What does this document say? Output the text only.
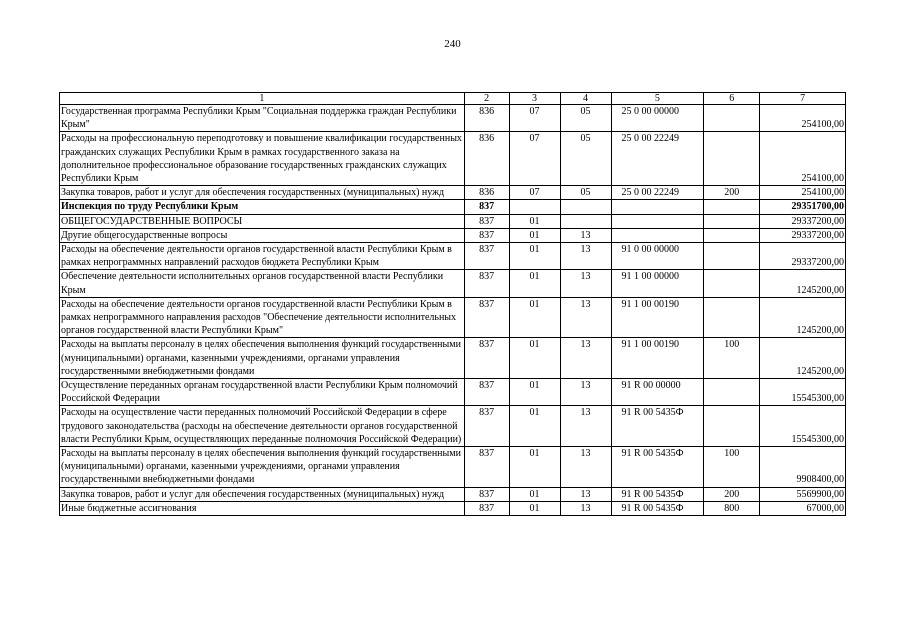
240
1	2	3	4	5	6	7
Государственная программа Республики Крым "Социальная поддержка граждан Республики Крым"	836	07	05	25 0 00 00000		254100,00
Расходы на профессиональную переподготовку и повышение квалификации государственных гражданских служащих Республики Крым в рамках государственного заказа на дополнительное профессиональное образование государственных гражданских служащих Республики Крым	836	07	05	25 0 00 22249		254100,00
Закупка товаров, работ и услуг для обеспечения государственных (муниципальных) нужд	836	07	05	25 0 00 22249	200	254100,00
Инспекция по труду Республики Крым	837					29351700,00
ОБЩЕГОСУДАРСТВЕННЫЕ ВОПРОСЫ	837	01				29337200,00
Другие общегосударственные вопросы	837	01	13			29337200,00
Расходы на обеспечение деятельности органов государственной власти Республики Крым в рамках непрограммных направлений расходов бюджета Республики Крым	837	01	13	91 0 00 00000		29337200,00
Обеспечение деятельности исполнительных органов государственной власти Республики Крым	837	01	13	91 1 00 00000		1245200,00
Расходы на обеспечение деятельности органов государственной власти Республики Крым в рамках непрограммного направления расходов "Обеспечение деятельности исполнительных органов государственной власти Республики Крым"	837	01	13	91 1 00 00190		1245200,00
Расходы на выплаты персоналу в целях обеспечения выполнения функций государственными (муниципальными) органами, казенными учреждениями, органами управления государственными внебюджетными фондами	837	01	13	91 1 00 00190	100	1245200,00
Осуществление переданных органам государственной власти Республики Крым полномочий Российской Федерации	837	01	13	91 R 00 00000		15545300,00
Расходы на осуществление части переданных полномочий Российской Федерации в сфере трудового законодательства (расходы на обеспечение деятельности органов государственной власти Республики Крым, осуществляющих переданные полномочия Российской Федерации)	837	01	13	91 R 00 5435Ф		15545300,00
Расходы на выплаты персоналу в целях обеспечения выполнения функций государственными (муниципальными) органами, казенными учреждениями, органами управления государственными внебюджетными фондами	837	01	13	91 R 00 5435Ф	100	9908400,00
Закупка товаров, работ и услуг для обеспечения государственных (муниципальных) нужд	837	01	13	91 R 00 5435Ф	200	5569900,00
Иные бюджетные ассигнования	837	01	13	91 R 00 5435Ф	800	67000,00
